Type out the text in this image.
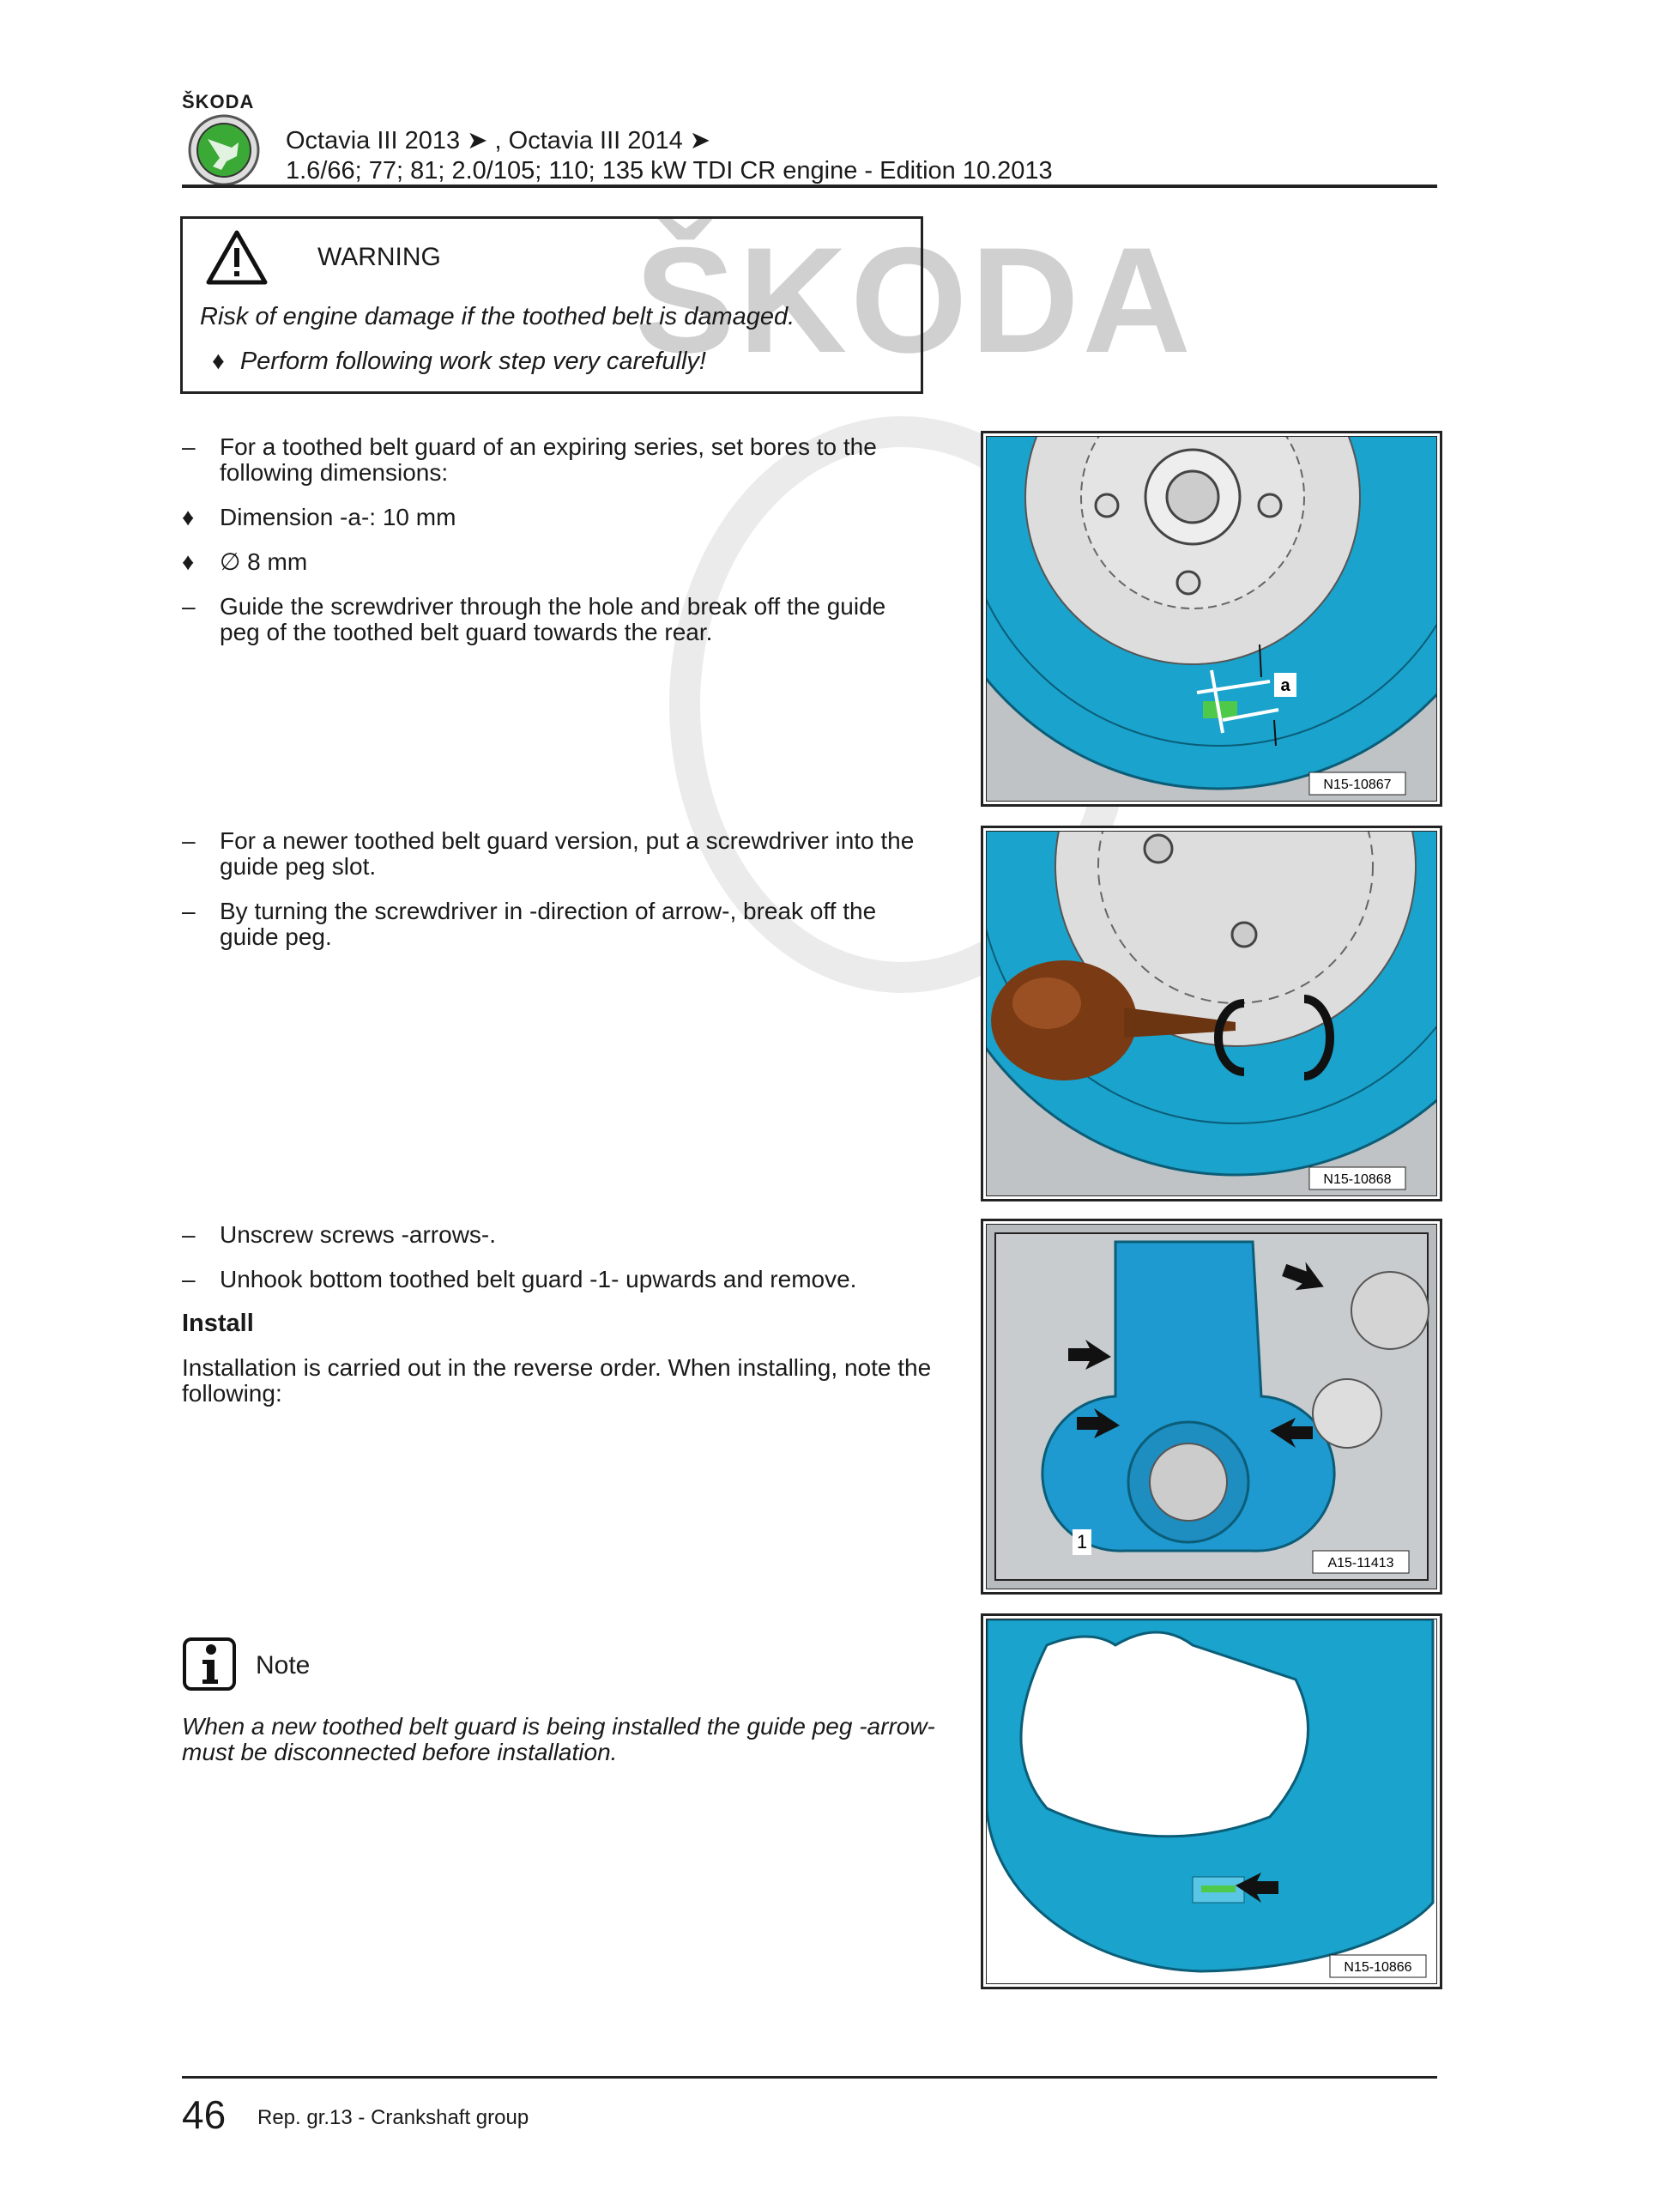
ŠKODA
ŠKODA
Octavia III 2013 ➤ , Octavia III 2014 ➤
1.6/66; 77; 81; 2.0/105; 110; 135 kW TDI CR engine - Edition 10.2013
WARNING
Risk of engine damage if the toothed belt is damaged.
♦ Perform following work step very carefully!
– For a toothed belt guard of an expiring series, set bores to the following dimensions:
♦ Dimension -a-: 10 mm
♦ ∅ 8 mm
– Guide the screwdriver through the hole and break off the guide peg of the toothed belt guard towards the rear.
– For a newer toothed belt guard version, put a screwdriver into the guide peg slot.
– By turning the screwdriver in -direction of arrow-, break off the guide peg.
– Unscrew screws -arrows-.
– Unhook bottom toothed belt guard -1- upwards and remove.
Install
Installation is carried out in the reverse order. When installing, note the following:
Note
When a new toothed belt guard is being installed the guide peg -arrow- must be disconnected before installation.
a
N15-10867
N15-10868
1
A15-11413
N15-10866
46 Rep. gr.13 - Crankshaft group
